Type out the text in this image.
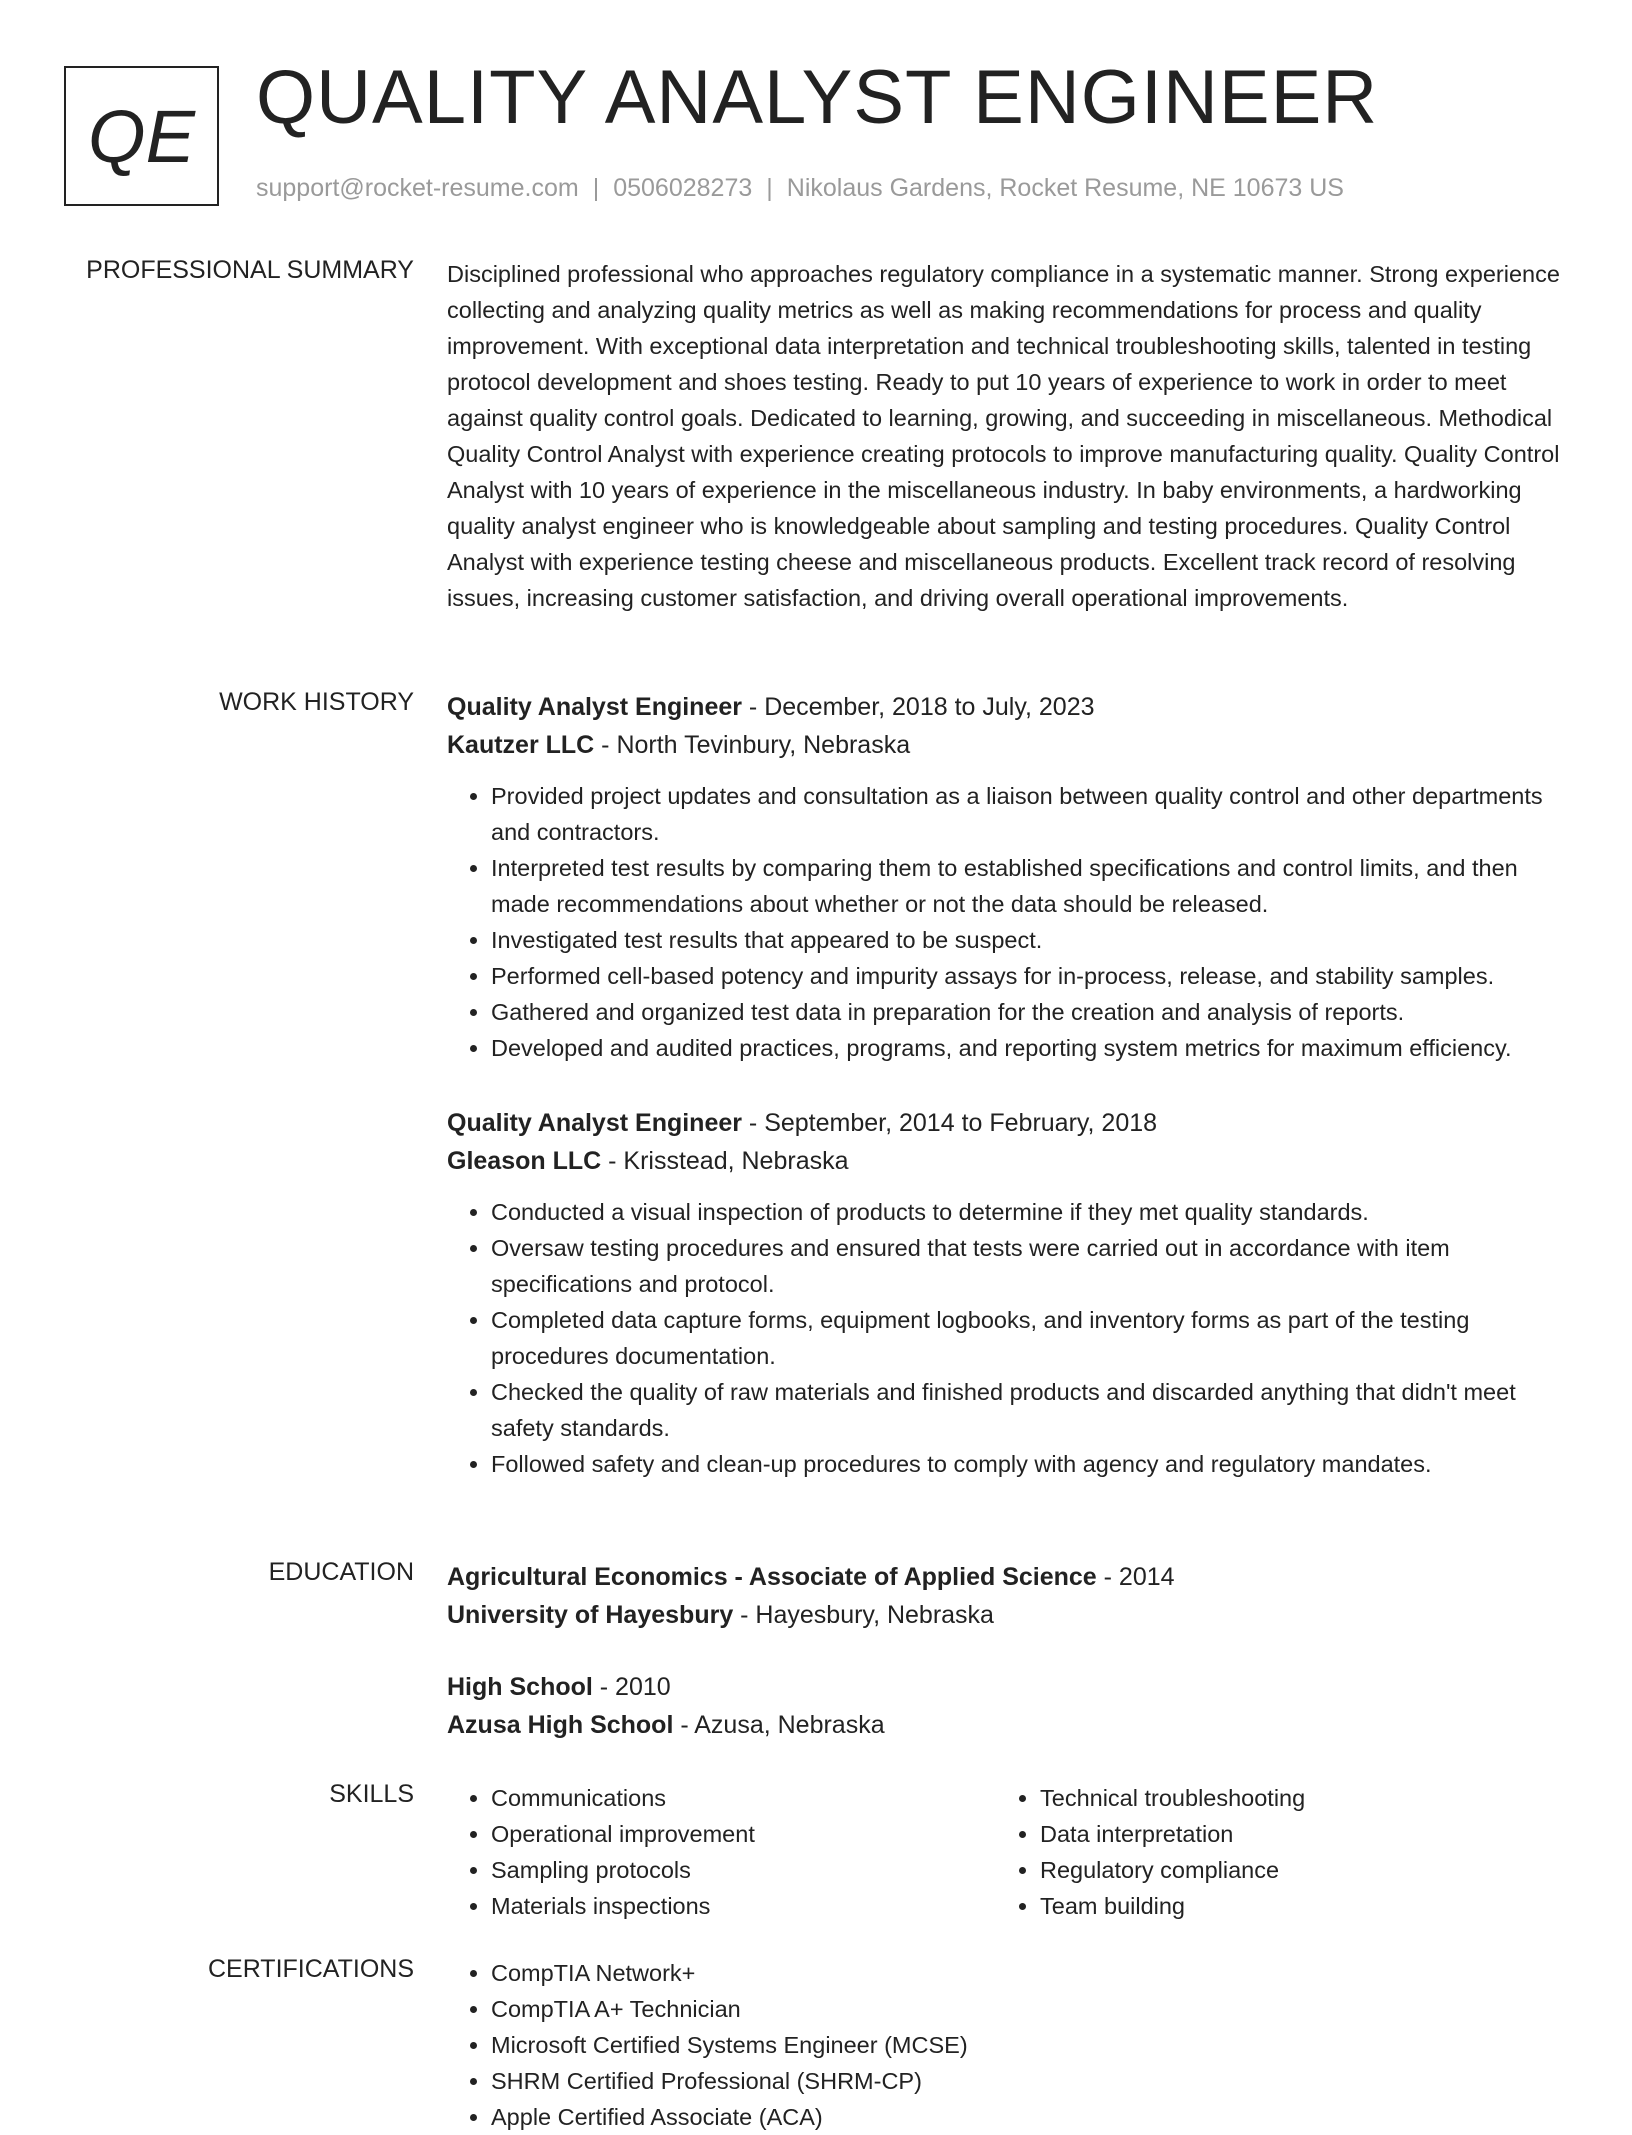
QE QUALITY ANALYST ENGINEER
support@rocket-resume.com | 0506028273 | Nikolaus Gardens, Rocket Resume, NE 10673 US
PROFESSIONAL SUMMARY Disciplined professional who approaches regulatory compliance in a systematic manner. Strong experience collecting and analyzing quality metrics as well as making recommendations for process and quality improvement. With exceptional data interpretation and technical troubleshooting skills, talented in testing protocol development and shoes testing. Ready to put 10 years of experience to work in order to meet against quality control goals. Dedicated to learning, growing, and succeeding in miscellaneous. Methodical Quality Control Analyst with experience creating protocols to improve manufacturing quality. Quality Control Analyst with 10 years of experience in the miscellaneous industry. In baby environments, a hardworking quality analyst engineer who is knowledgeable about sampling and testing procedures. Quality Control Analyst with experience testing cheese and miscellaneous products. Excellent track record of resolving issues, increasing customer satisfaction, and driving overall operational improvements.
WORK HISTORY Quality Analyst Engineer - December, 2018 to July, 2023
Kautzer LLC - North Tevinbury, Nebraska
• Provided project updates and consultation as a liaison between quality control and other departments and contractors.
• Interpreted test results by comparing them to established specifications and control limits, and then made recommendations about whether or not the data should be released.
• Investigated test results that appeared to be suspect.
• Performed cell-based potency and impurity assays for in-process, release, and stability samples.
• Gathered and organized test data in preparation for the creation and analysis of reports.
• Developed and audited practices, programs, and reporting system metrics for maximum efficiency.
Quality Analyst Engineer - September, 2014 to February, 2018
Gleason LLC - Krisstead, Nebraska
• Conducted a visual inspection of products to determine if they met quality standards.
• Oversaw testing procedures and ensured that tests were carried out in accordance with item specifications and protocol.
• Completed data capture forms, equipment logbooks, and inventory forms as part of the testing procedures documentation.
• Checked the quality of raw materials and finished products and discarded anything that didn't meet safety standards.
• Followed safety and clean-up procedures to comply with agency and regulatory mandates.
EDUCATION Agricultural Economics - Associate of Applied Science - 2014
University of Hayesbury - Hayesbury, Nebraska
High School - 2010
Azusa High School - Azusa, Nebraska
SKILLS	• Communications
• Operational improvement
• Sampling protocols
• Materials inspections
• Technical troubleshooting
• Data interpretation
• Regulatory compliance
• Team building
CERTIFICATIONS	• CompTIA Network+
• CompTIA A+ Technician
• Microsoft Certified Systems Engineer (MCSE)
• SHRM Certified Professional (SHRM-CP)
• Apple Certified Associate (ACA)
